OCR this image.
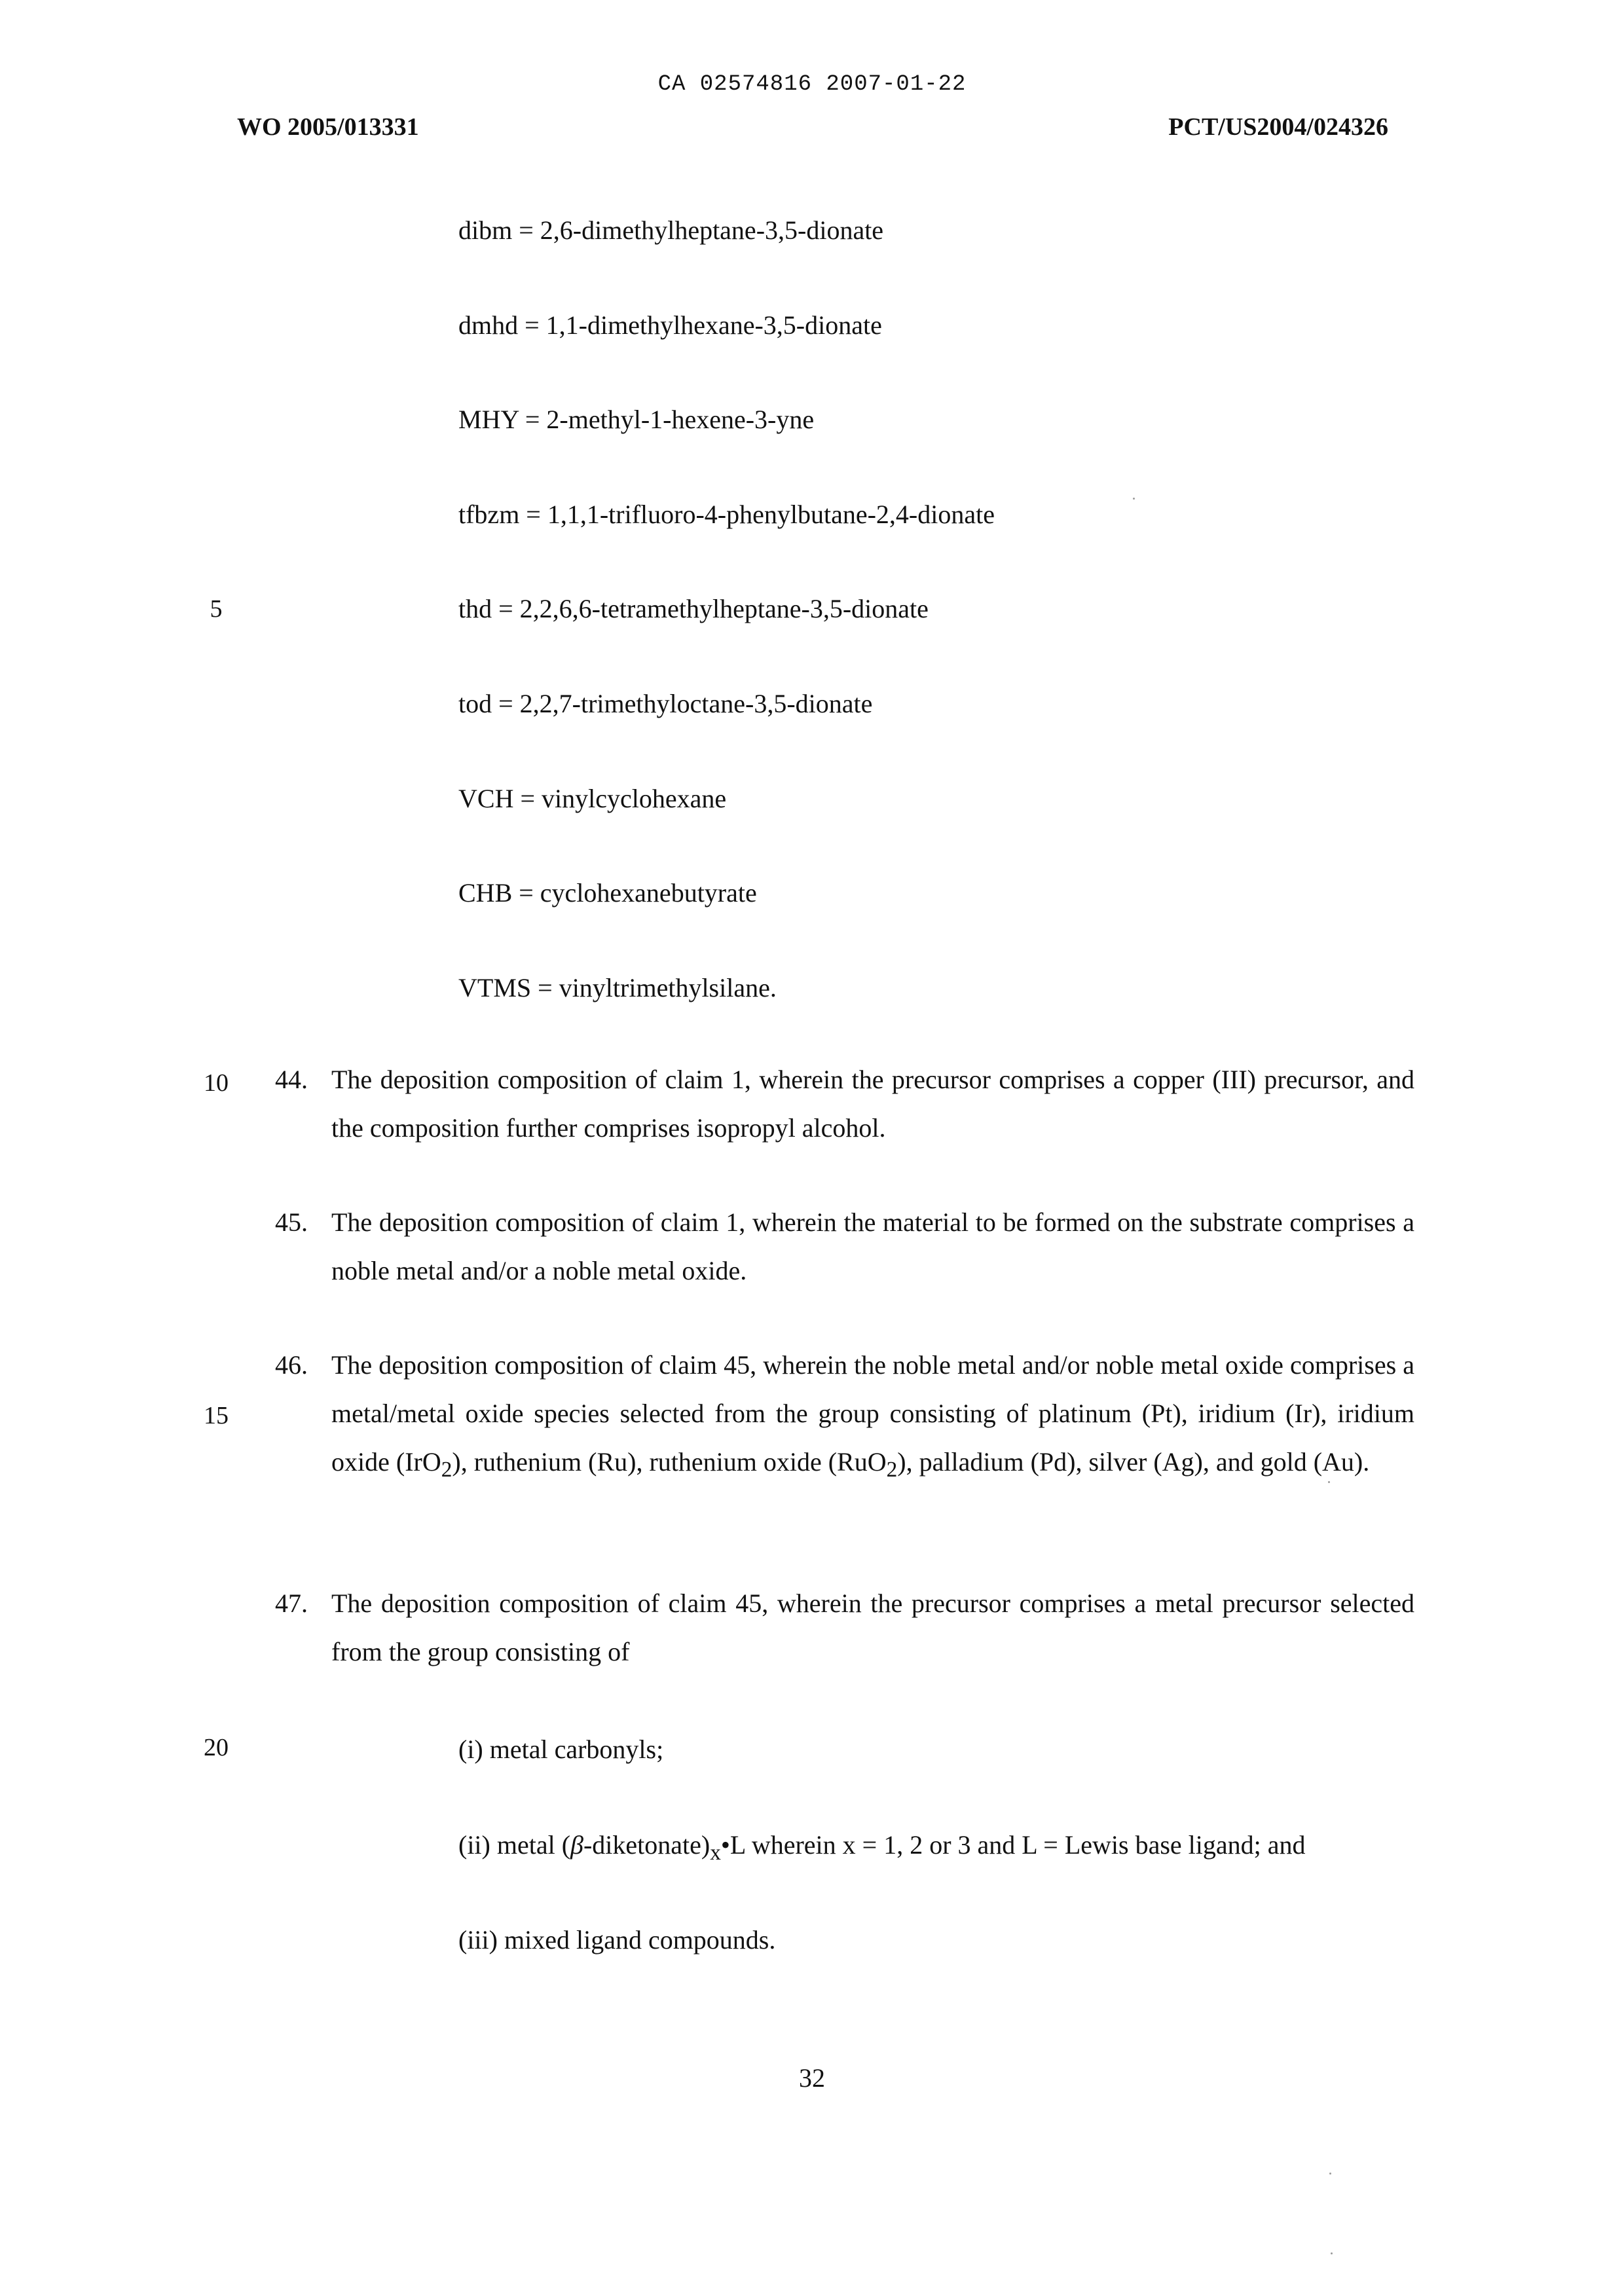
CA 02574816 2007-01-22
WO 2005/013331	PCT/US2004/024326
dibm = 2,6-dimethylheptane-3,5-dionate
dmhd = 1,1-dimethylhexane-3,5-dionate
MHY = 2-methyl-1-hexene-3-yne
tfbzm = 1,1,1-trifluoro-4-phenylbutane-2,4-dionate
thd = 2,2,6,6-tetramethylheptane-3,5-dionate
tod = 2,2,7-trimethyloctane-3,5-dionate
VCH = vinylcyclohexane
CHB = cyclohexanebutyrate
VTMS = vinyltrimethylsilane.
5
10
15
20
44. The deposition composition of claim 1, wherein the precursor comprises a copper (III) precursor, and the composition further comprises isopropyl alcohol.
45. The deposition composition of claim 1, wherein the material to be formed on the substrate comprises a noble metal and/or a noble metal oxide.
46. The deposition composition of claim 45, wherein the noble metal and/or noble metal oxide comprises a metal/metal oxide species selected from the group consisting of platinum (Pt), iridium (Ir), iridium oxide (IrO$_2$), ruthenium (Ru), ruthenium oxide (RuO$_2$), palladium (Pd), silver (Ag), and gold (Au).
47. The deposition composition of claim 45, wherein the precursor comprises a metal precursor selected from the group consisting of
(i) metal carbonyls;
(ii) metal $(\beta-diketonate)_x•L$ wherein x = 1, 2 or 3 and L = Lewis base ligand; and
(iii) mixed ligand compounds.
32
